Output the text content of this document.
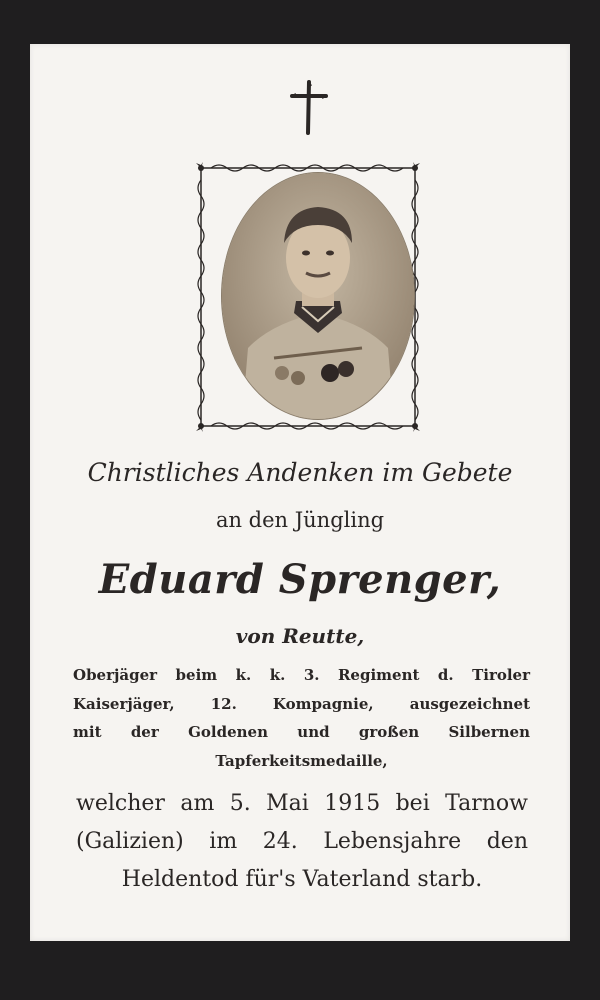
Christliches Andenken im Gebete
an den Jüngling
Eduard Sprenger,
von Reutte,
Oberjäger beim k. k. 3. Regiment d. Tiroler
Kaiserjäger, 12. Kompagnie, ausgezeichnet
mit der Goldenen und großen Silbernen
Tapferkeitsmedaille,
welcher am 5. Mai 1915 bei Tarnow
(Galizien) im 24. Lebensjahre den
Heldentod für's Vaterland starb.
